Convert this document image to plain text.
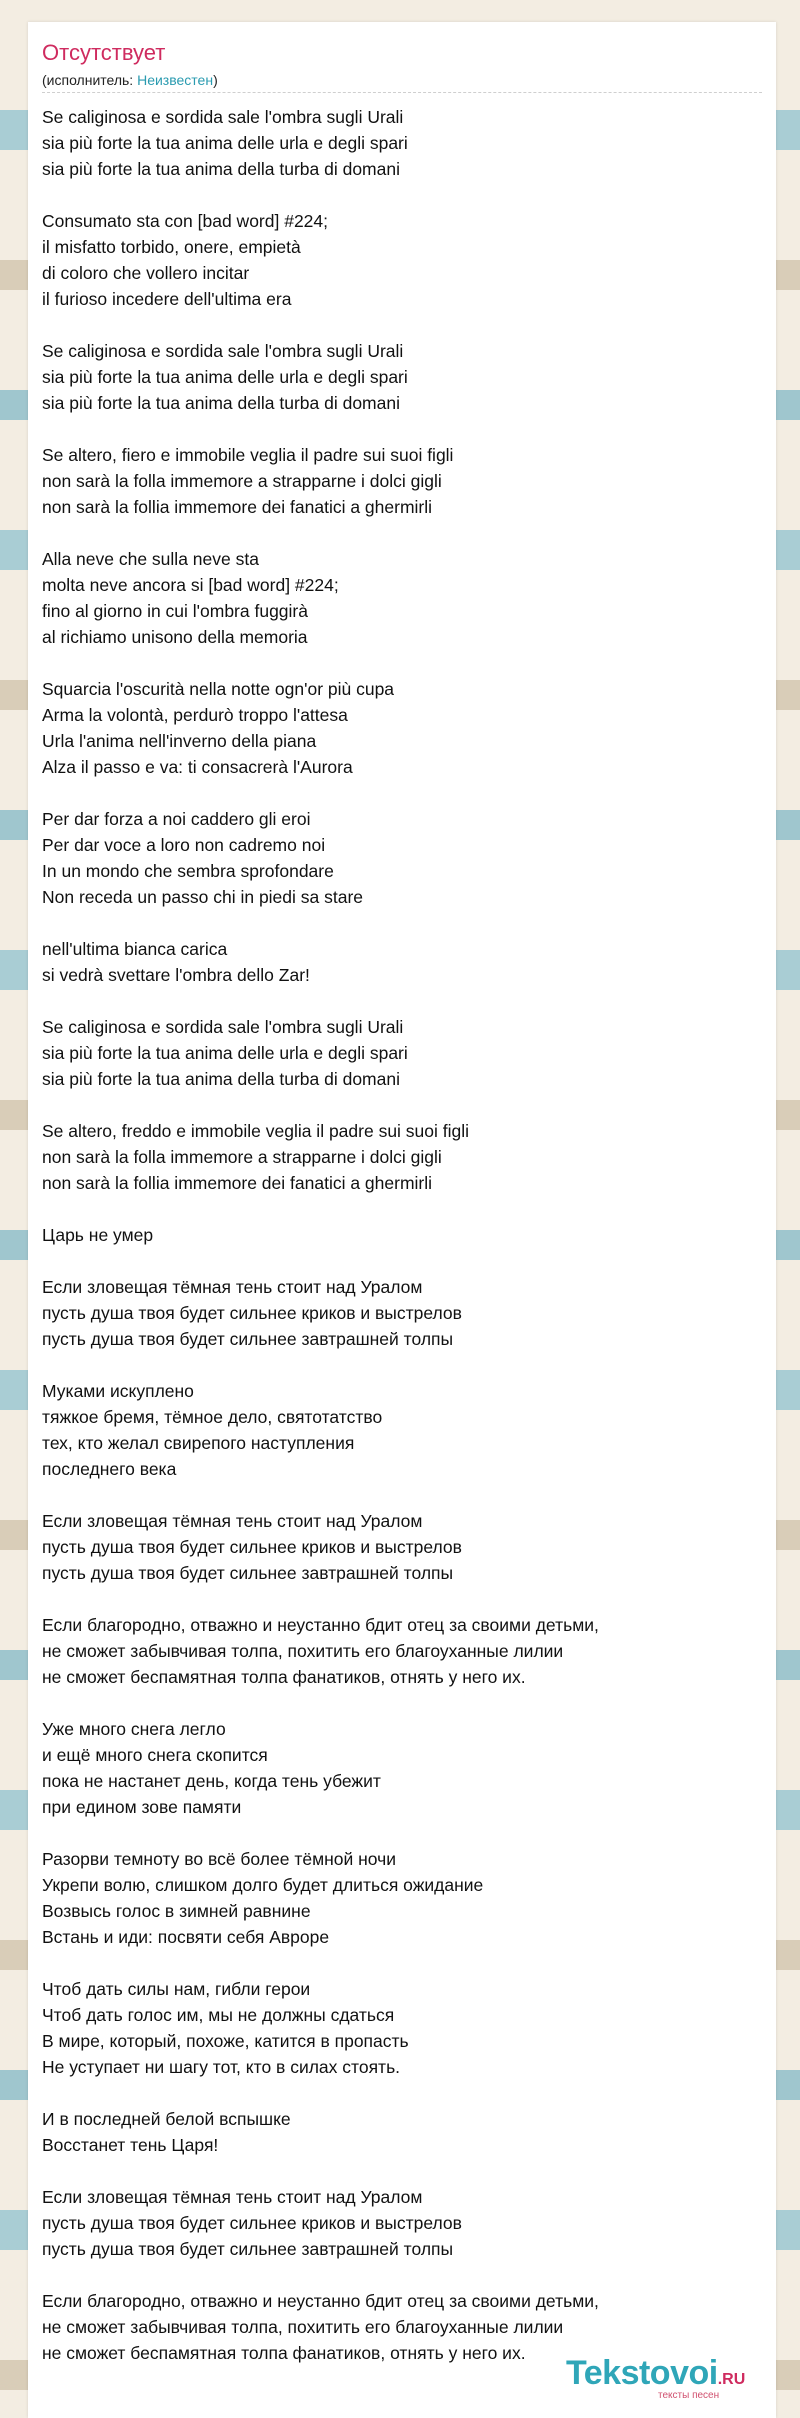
Отсутствует
(исполнитель: Неизвестен)
Se caliginosa e sordida sale l'ombra sugli Urali
sia più forte la tua anima delle urla e degli spari
sia più forte la tua anima della turba di domani

Consumato sta con [bad word] #224;
il misfatto torbido, onere, empietà
di coloro che vollero incitar
il furioso incedere dell'ultima era

Se caliginosa e sordida sale l'ombra sugli Urali
sia più forte la tua anima delle urla e degli spari
sia più forte la tua anima della turba di domani

Se altero, fiero e immobile veglia il padre sui suoi figli
non sarà la folla immemore a strapparne i dolci gigli
non sarà la follia immemore dei fanatici a ghermirli

Alla neve che sulla neve sta
molta neve ancora si [bad word] #224;
fino al giorno in cui l'ombra fuggirà
al richiamo unisono della memoria

Squarcia l'oscurità nella notte ogn'or più cupa
Arma la volontà, perdurò troppo l'attesa
Urla l'anima nell'inverno della piana
Alza il passo e va: ti consacrerà l'Aurora

Per dar forza a noi caddero gli eroi
Per dar voce a loro non cadremo noi
In un mondo che sembra sprofondare
Non receda un passo chi in piedi sa stare

nell'ultima bianca carica
si vedrà svettare l'ombra dello Zar!

Se caliginosa e sordida sale l'ombra sugli Urali
sia più forte la tua anima delle urla e degli spari
sia più forte la tua anima della turba di domani

Se altero, freddo e immobile veglia il padre sui suoi figli
non sarà la folla immemore a strapparne i dolci gigli
non sarà la follia immemore dei fanatici a ghermirli

Царь не умер

Если зловещая тёмная тень стоит над Уралом
пусть душа твоя будет сильнее криков и выстрелов
пусть душа твоя будет сильнее завтрашней толпы

Муками искуплено
тяжкое бремя, тёмное дело, святотатство
тех, кто желал свирепого наступления
последнего века

Если зловещая тёмная тень стоит над Уралом
пусть душа твоя будет сильнее криков и выстрелов
пусть душа твоя будет сильнее завтрашней толпы

Если благородно, отважно и неустанно бдит отец за своими детьми,
не сможет забывчивая толпа, похитить его благоуханные лилии
не сможет беспамятная толпа фанатиков, отнять у него их.

Уже много снега легло
и ещё много снега скопится
пока не настанет день, когда тень убежит
при едином зове памяти

Разорви темноту во всё более тёмной ночи
Укрепи волю, слишком долго будет длиться ожидание
Возвысь голос в зимней равнине
Встань и иди: посвяти себя Авроре

Чтоб дать силы нам, гибли герои
Чтоб дать голос им, мы не должны сдаться
В мире, который, похоже, катится в пропасть
Не уступает ни шагу тот, кто в силах стоять.

И в последней белой вспышке
Восстанет тень Царя!

Если зловещая тёмная тень стоит над Уралом
пусть душа твоя будет сильнее криков и выстрелов
пусть душа твоя будет сильнее завтрашней толпы

Если благородно, отважно и неустанно бдит отец за своими детьми,
не сможет забывчивая толпа, похитить его благоуханные лилии
не сможет беспамятная толпа фанатиков, отнять у него их.
Tekstovoi.RU
тексты песен
